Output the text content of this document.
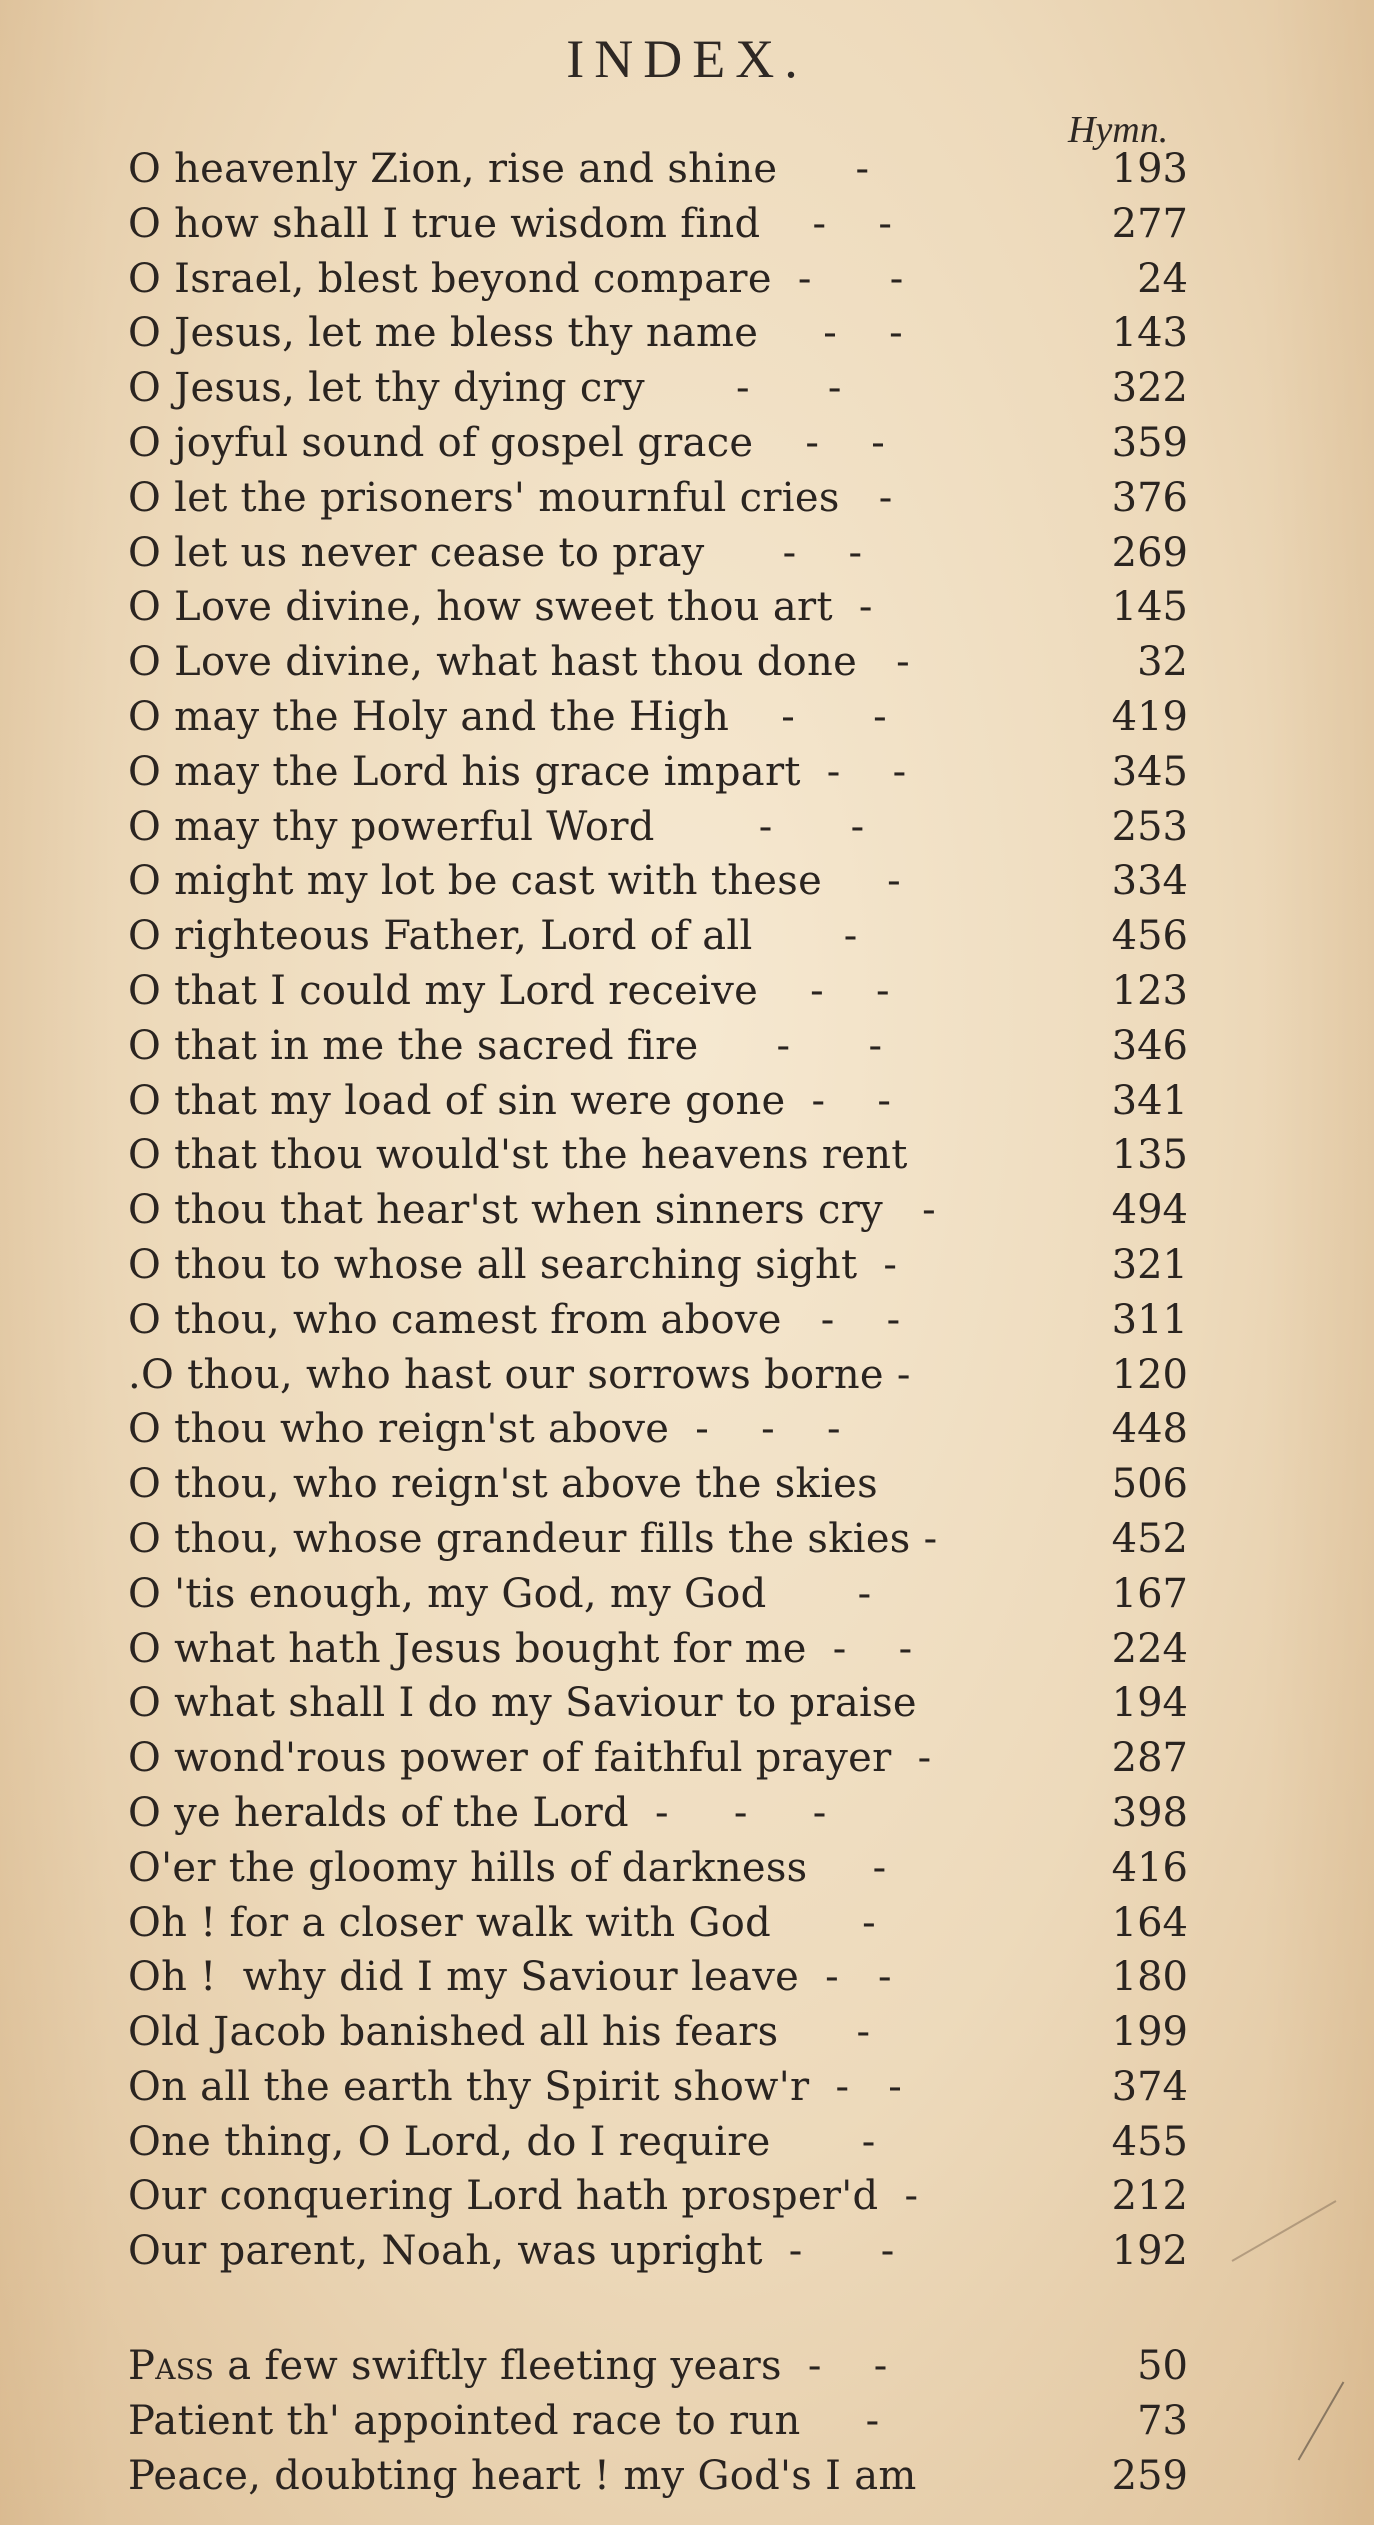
INDEX.
Hymn.
O heavenly Zion, rise and shine      -	193
O how shall I true wisdom find    -    -	277
O Israel, blest beyond compare  -      -	24
O Jesus, let me bless thy name     -    -	143
O Jesus, let thy dying cry       -      -	322
O joyful sound of gospel grace    -    -	359
O let the prisoners' mournful cries   -	376
O let us never cease to pray      -    -	269
O Love divine, how sweet thou art  -	145
O Love divine, what hast thou done   -	32
O may the Holy and the High    -      -	419
O may the Lord his grace impart  -    -	345
O may thy powerful Word        -      -	253
O might my lot be cast with these     -	334
O righteous Father, Lord of all       -	456
O that I could my Lord receive    -    -	123
O that in me the sacred fire      -      -	346
O that my load of sin were gone  -    -	341
O that thou would'st the heavens rent	135
O thou that hear'st when sinners cry   -	494
O thou to whose all searching sight  -	321
O thou, who camest from above   -    -	311
.O thou, who hast our sorrows borne -	120
O thou who reign'st above  -    -    -	448
O thou, who reign'st above the skies	506
O thou, whose grandeur fills the skies -	452
O 'tis enough, my God, my God       -	167
O what hath Jesus bought for me  -    -	224
O what shall I do my Saviour to praise	194
O wond'rous power of faithful prayer  -	287
O ye heralds of the Lord  -     -     -	398
O'er the gloomy hills of darkness     -	416
Oh ! for a closer walk with God       -	164
Oh !  why did I my Saviour leave  -   -	180
Old Jacob banished all his fears      -	199
On all the earth thy Spirit show'r  -   -	374
One thing, O Lord, do I require       -	455
Our conquering Lord hath prosper'd  -	212
Our parent, Noah, was upright  -      -	192
Pass a few swiftly fleeting years  -    -	50
Patient th' appointed race to run     -	73
Peace, doubting heart ! my God's I am	259
